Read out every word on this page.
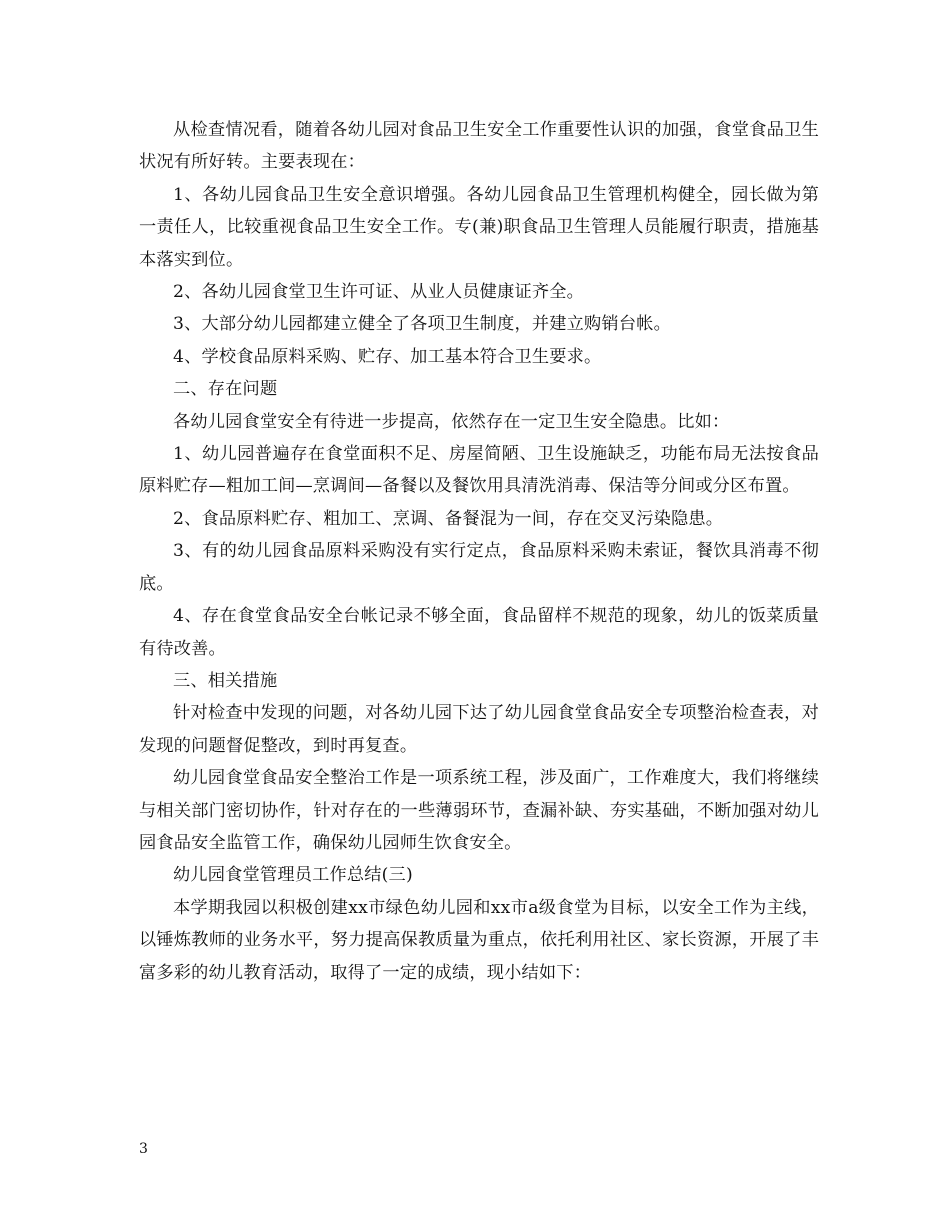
从检查情况看，随着各幼儿园对食品卫生安全工作重要性认识的加强，食堂食品卫生状况有所好转。主要表现在：

1、各幼儿园食品卫生安全意识增强。各幼儿园食品卫生管理机构健全，园长做为第一责任人，比较重视食品卫生安全工作。专(兼)职食品卫生管理人员能履行职责，措施基本落实到位。

2、各幼儿园食堂卫生许可证、从业人员健康证齐全。

3、大部分幼儿园都建立健全了各项卫生制度，并建立购销台帐。

4、学校食品原料采购、贮存、加工基本符合卫生要求。

二、存在问题

各幼儿园食堂安全有待进一步提高，依然存在一定卫生安全隐患。比如：

1、幼儿园普遍存在食堂面积不足、房屋简陋、卫生设施缺乏，功能布局无法按食品原料贮存—粗加工间—烹调间—备餐以及餐饮用具清洗消毒、保洁等分间或分区布置。

2、食品原料贮存、粗加工、烹调、备餐混为一间，存在交叉污染隐患。

3、有的幼儿园食品原料采购没有实行定点，食品原料采购未索证，餐饮具消毒不彻底。

4、存在食堂食品安全台帐记录不够全面，食品留样不规范的现象，幼儿的饭菜质量有待改善。

三、相关措施

针对检查中发现的问题，对各幼儿园下达了幼儿园食堂食品安全专项整治检查表，对发现的问题督促整改，到时再复查。

幼儿园食堂食品安全整治工作是一项系统工程，涉及面广，工作难度大，我们将继续与相关部门密切协作，针对存在的一些薄弱环节，查漏补缺、夯实基础，不断加强对幼儿园食品安全监管工作，确保幼儿园师生饮食安全。

幼儿园食堂管理员工作总结(三)

本学期我园以积极创建xx市绿色幼儿园和xx市a级食堂为目标，以安全工作为主线，以锤炼教师的业务水平，努力提高保教质量为重点，依托利用社区、家长资源，开展了丰富多彩的幼儿教育活动，取得了一定的成绩，现小结如下：

3
